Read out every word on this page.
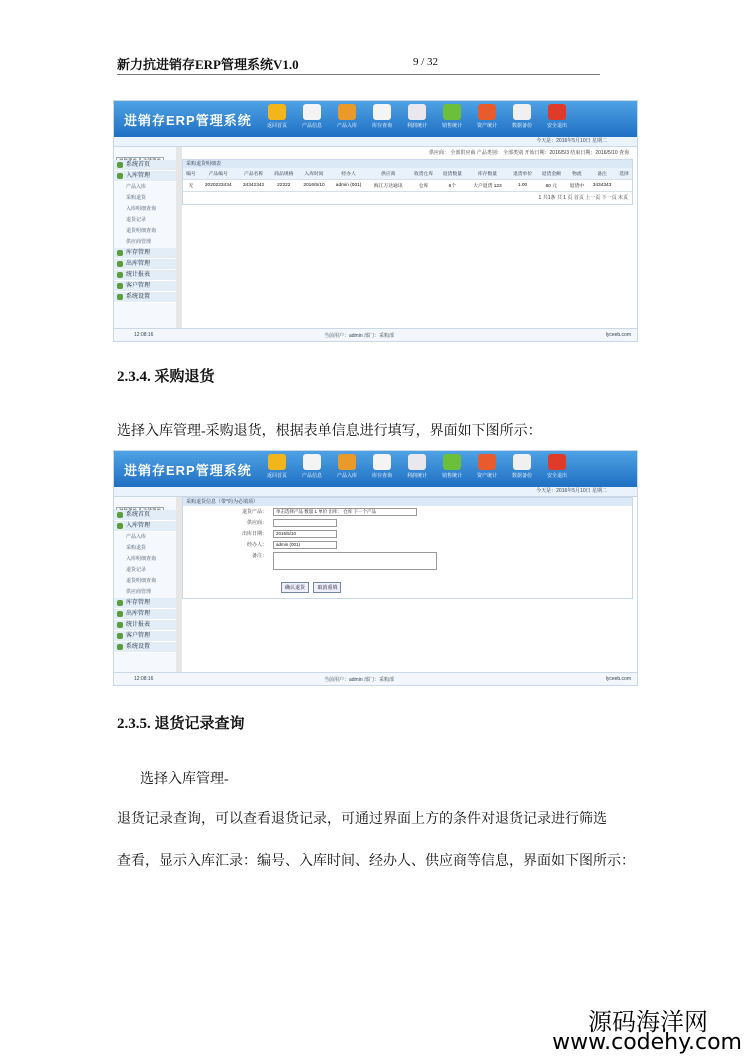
新力抗进销存ERP管理系统V1.0	9 / 32
进销存ERP管理系统	返回首页	产品信息	产品入库	库存查询	利润统计	销售统计	资产统计	数据备份	安全退出
今天是：2016年5月10日 星期二
系统首页
入库管理
产品入库
采购退货
入库明细查询
退货记录
退货明细查询
供应商管理
库存管理
出库管理
统计报表
客户管理
系统设置
供应商： 全部供应商 产品类别： 全部类别 开始日期：2016/5/3 结束日期：2016/5/10 查询
采购退货明细表
编号	产品编号	产品名称	商品规格	入库时间	经办人	供应商	收货仓库	退货数量	库存数量	退货单价	退货金额	物流	备注	选择
无	2020223434	34342342	22222	2016/5/10	admin (001)	海江万达通讯	仓库	6个	大户退货 123	1.00	60 元	退货中	3434343	
1 共1条 共 1 页 首页 上一页 下一页 末页
12:08:16	当前用户：admin 部门：采购部	lyceeb.com
2.3.4. 采购退货
选择入库管理-采购退货，根据表单信息进行填写，界面如下图所示：
进销存ERP管理系统	返回首页	产品信息	产品入库	库存查询	利润统计	销售统计	资产统计	数据备份	安全退出
今天是：2016年5月10日 星期二
系统首页
入库管理
产品入库
采购退货
入库明细查询
退货记录
退货明细查询
供应商管理
库存管理
出库管理
统计报表
客户管理
系统设置
采购退货信息（带*的为必填项）
退货产品：	单击选择产品 数量 1 单价 出库： 仓库 下一个产品
供应商：
出库日期：	2016/5/10
经办人：	admin (001)
备注：
确认退货 取消重填
12:08:16	当前用户：admin 部门：采购部	lyceeb.com
2.3.5. 退货记录查询
选择入库管理-
退货记录查询，可以查看退货记录，可通过界面上方的条件对退货记录进行筛选
查看，显示入库汇录：编号、入库时间、经办人、供应商等信息，界面如下图所示：
源码海洋网
www.codehy.com
